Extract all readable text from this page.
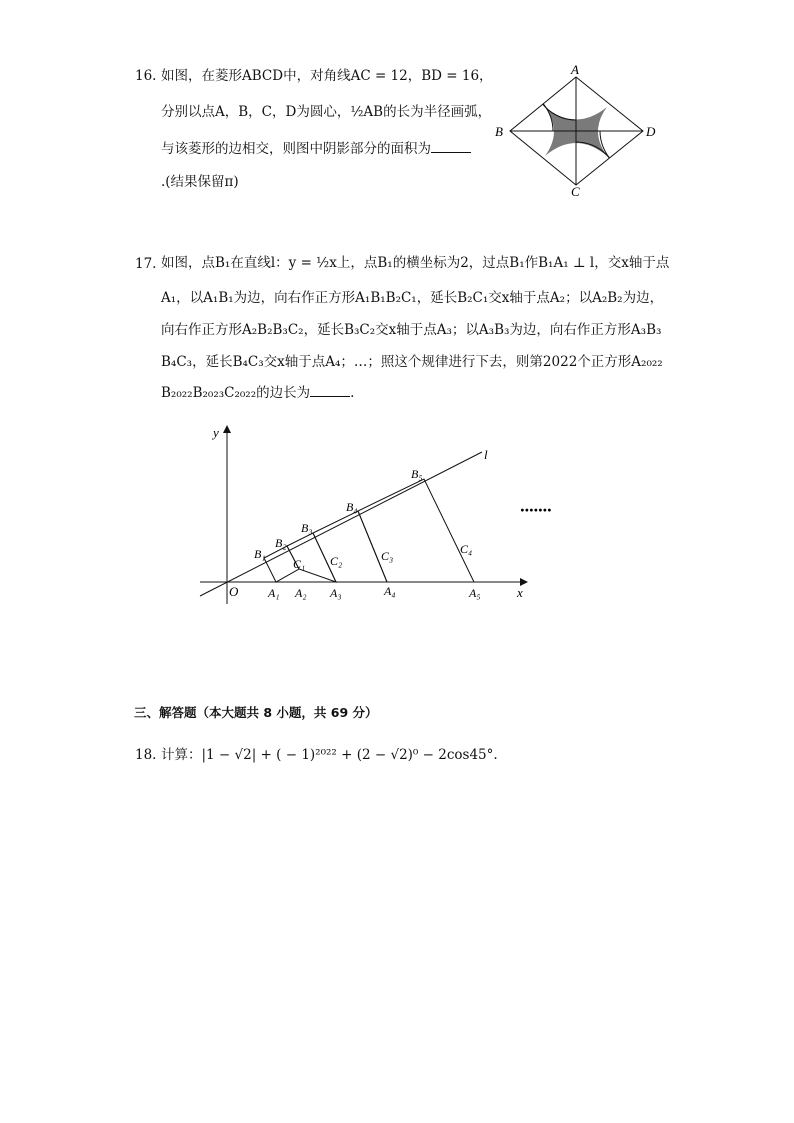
16. 如图，在菱形ABCD中，对角线AC = 12，BD = 16，
分别以点A，B，C，D为圆心，½AB的长为半径画弧，
与该菱形的边相交，则图中阴影部分的面积为
.(结果保留π)
A
B
C
D
17. 如图，点B₁在直线l：y = ½x上，点B₁的横坐标为2，过点B₁作B₁A₁ ⊥ l，交x轴于点
A₁，以A₁B₁为边，向右作正方形A₁B₁B₂C₁，延长B₂C₁交x轴于点A₂；以A₂B₂为边，
向右作正方形A₂B₂B₃C₂，延长B₃C₂交x轴于点A₃；以A₃B₃为边，向右作正方形A₃B₃
B₄C₃，延长B₄C₃交x轴于点A₄；…；照这个规律进行下去，则第2022个正方形A₂₀₂₂
B₂₀₂₂B₂₀₂₃C₂₀₂₂的边长为	.
y
x
O
l
B₁
B₂
B₃
B₄
B₅
C₁ C₂	C₃	C₄
A₁ A₂ A₃	A₄	A₅
·······
三、解答题（本大题共 8 小题，共 69 分）
18. 计算：|1 − √2| + ( − 1)²⁰²² + (2 − √2)⁰ − 2cos45°.
